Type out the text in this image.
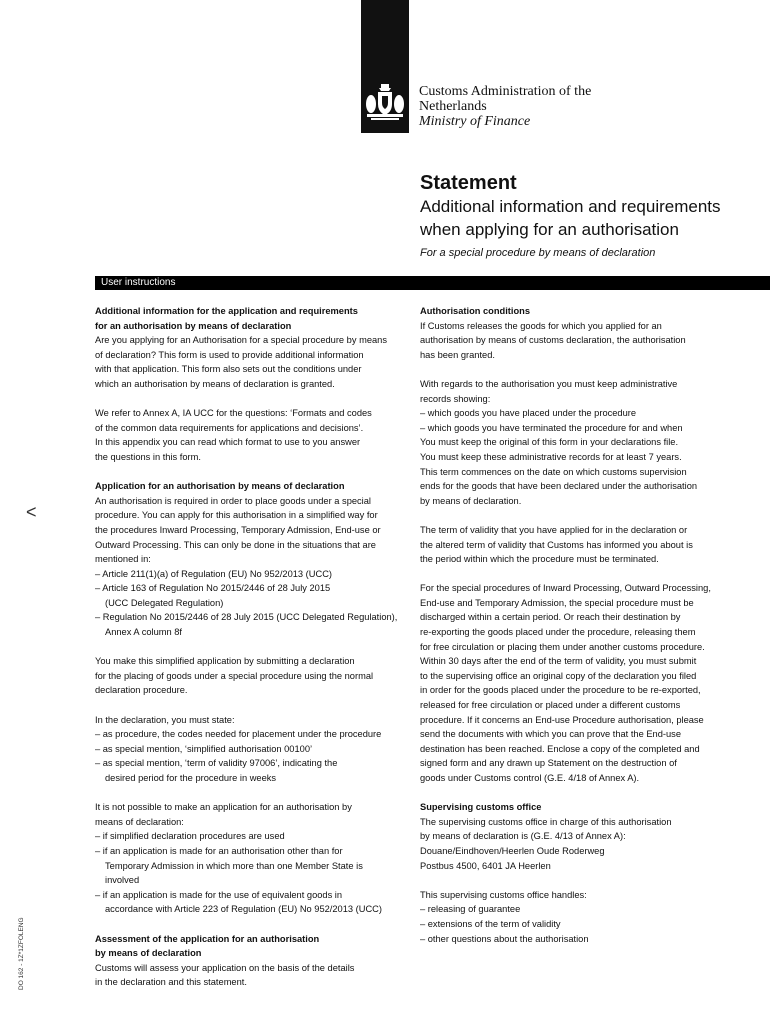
Customs Administration of the
Netherlands
Ministry of Finance
Statement
Additional information and requirements
when applying for an authorisation
For a special procedure by means of declaration
User instructions
<
DO 162 - 1Z*1ZFOLENG

Additional information for the application and requirements

for an authorisation by means of declaration

Are you applying for an Authorisation for a special procedure by means

of declaration? This form is used to provide additional information

with that application. This form also sets out the conditions under

which an authorisation by means of declaration is granted.

We refer to Annex A, IA UCC for the questions: ‘Formats and codes

of the common data requirements for applications and decisions’.

In this appendix you can read which format to use to you answer

the questions in this form.

Application for an authorisation by means of declaration

An authorisation is required in order to place goods under a special

procedure. You can apply for this authorisation in a simplified way for

the procedures Inward Processing, Temporary Admission, End-use or

Outward Processing. This can only be done in the situations that are

mentioned in:

– Article 211(1)(a) of Regulation (EU) No 952/2013 (UCC)

– Article 163 of Regulation No 2015/2446 of 28 July 2015

(UCC Delegated Regulation)

– Regulation No 2015/2446 of 28 July 2015 (UCC Delegated Regulation),

Annex A column 8f

You make this simplified application by submitting a declaration

for the placing of goods under a special procedure using the normal

declaration procedure.

In the declaration, you must state:

– as procedure, the codes needed for placement under the procedure

– as special mention, ‘simplified authorisation 00100’

– as special mention, ‘term of validity 97006’, indicating the

desired period for the procedure in weeks

It is not possible to make an application for an authorisation by

means of declaration:

– if simplified declaration procedures are used

– if an application is made for an authorisation other than for

Temporary Admission in which more than one Member State is

involved

– if an application is made for the use of equivalent goods in

accordance with Article 223 of Regulation (EU) No 952/2013 (UCC)

Assessment of the application for an authorisation

by means of declaration

Customs will assess your application on the basis of the details

in the declaration and this statement.

Authorisation conditions

If Customs releases the goods for which you applied for an

authorisation by means of customs declaration, the authorisation

has been granted.

With regards to the authorisation you must keep administrative

records showing:

– which goods you have placed under the procedure

– which goods you have terminated the procedure for and when

You must keep the original of this form in your declarations file.

You must keep these administrative records for at least 7 years.

This term commences on the date on which customs supervision

ends for the goods that have been declared under the authorisation

by means of declaration.

The term of validity that you have applied for in the declaration or

the altered term of validity that Customs has informed you about is

the period within which the procedure must be terminated.

For the special procedures of Inward Processing, Outward Processing,

End-use and Temporary Admission, the special procedure must be

discharged within a certain period. Or reach their destination by

re-exporting the goods placed under the procedure, releasing them

for free circulation or placing them under another customs procedure.

Within 30 days after the end of the term of validity, you must submit

to the supervising office an original copy of the declaration you filed

in order for the goods placed under the procedure to be re-exported,

released for free circulation or placed under a different customs

procedure. If it concerns an End-use Procedure authorisation, please

send the documents with which you can prove that the End-use

destination has been reached. Enclose a copy of the completed and

signed form and any drawn up Statement on the destruction of

goods under Customs control (G.E. 4/18 of Annex A).

Supervising customs office

The supervising customs office in charge of this authorisation

by means of declaration is (G.E. 4/13 of Annex A):

Douane/Eindhoven/Heerlen Oude Roderweg

Postbus 4500, 6401 JA Heerlen

This supervising customs office handles:

– releasing of guarantee

– extensions of the term of validity

– other questions about the authorisation
